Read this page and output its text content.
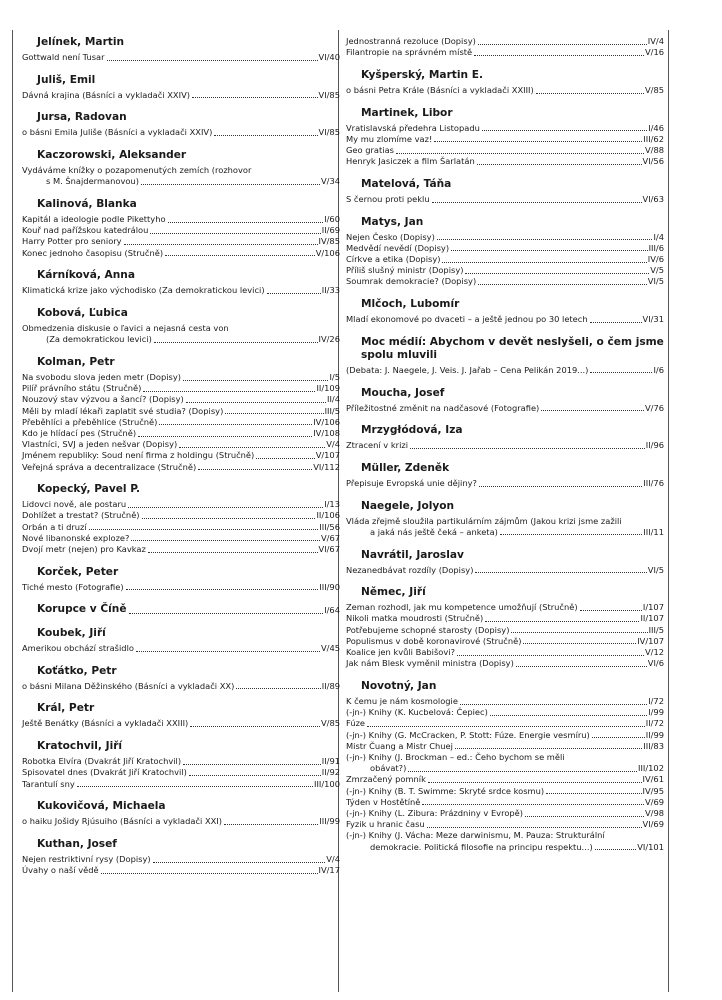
Jelínek, Martin
Gottwald není Tusar	VI/40
Juliš, Emil
Dávná krajina (Básníci a vykladači XXIV)	VI/85
Jursa, Radovan
o básni Emila Juliše (Básníci a vykladači XXIV)	VI/85
Kaczorowski, Aleksander
Vydáváme knížky o pozapomenutých zemích (rozhovor
s M. Šnajdermanovou)	V/34
Kalinová, Blanka
Kapitál a ideologie podle Pikettyho	I/60
Kouř nad pařížskou katedrálou	II/69
Harry Potter pro seniory	IV/85
Konec jednoho časopisu (Stručně)	V/106
Kárníková, Anna
Klimatická krize jako východisko (Za demokratickou levici)	II/33
Kobová, Ľubica
Obmedzenia diskusie o ľavici a nejasná cesta von
(Za demokratickou levici)	IV/26
Kolman, Petr
Na svobodu slova jeden metr (Dopisy)	I/5
Pilíř právního státu (Stručně)	II/109
Nouzový stav výzvou a šancí? (Dopisy)	II/4
Měli by mladí lékaři zaplatit své studia? (Dopisy)	III/5
Přeběhlíci a přeběhlice (Stručně)	IV/106
Kdo je hlídací pes (Stručně)	IV/108
Vlastníci, SVJ a jeden nešvar (Dopisy)	V/4
Jménem republiky: Soud není firma z holdingu (Stručně)	V/107
Veřejná správa a decentralizace (Stručně)	VI/112
Kopecký, Pavel P.
Lidovci nově, ale postaru	I/13
Dohlížet a trestat? (Stručně)	II/106
Orbán a ti druzí	III/56
Nové libanonské exploze?	V/67
Dvojí metr (nejen) pro Kavkaz	VI/67
Korček, Peter
Tiché mesto (Fotografie)	III/90
Korupce v Číně	I/64
Koubek, Jiří
Amerikou obchází strašidlo	V/45
Koťátko, Petr
o básni Milana Děžinského (Básníci a vykladači XX)	II/89
Král, Petr
Ještě Benátky (Básníci a vykladači XXIII)	V/85
Kratochvil, Jiří
Robotka Elvíra (Dvakrát Jiří Kratochvil)	II/91
Spisovatel dnes (Dvakrát Jiří Kratochvil)	II/92
Tarantulí sny	III/100
Kukovičová, Michaela
o haiku Jošidy Rjúsuiho (Básníci a vykladači XXI)	III/99
Kuthan, Josef
Nejen restriktivní rysy (Dopisy)	V/4
Úvahy o naší vědě	IV/17
Jednostranná rezoluce (Dopisy)	IV/4
Filantropie na správném místě	V/16
Kyšperský, Martin E.
o básni Petra Krále (Básníci a vykladači XXIII)	V/85
Martinek, Libor
Vratislavská předehra Listopadu	I/46
My mu zlomíme vaz!	III/62
Geo gratias	V/88
Henryk Jasiczek a film Šarlatán	VI/56
Matelová, Táňa
S černou proti peklu	VI/63
Matys, Jan
Nejen Česko (Dopisy)	I/4
Medvědí nevědí (Dopisy)	III/6
Církve a etika (Dopisy)	IV/6
Příliš slušný ministr (Dopisy)	V/5
Soumrak demokracie? (Dopisy)	VI/5
Mlčoch, Lubomír
Mladí ekonomové po dvaceti – a ještě jednou po 30 letech	VI/31
Moc médií: Abychom v devět neslyšeli, o čem jsme spolu mluvili
(Debata: J. Naegele, J. Veis. J. Jařab – Cena Pelikán 2019...)	I/6
Moucha, Josef
Příležitostné změnit na nadčasové (Fotografie)	V/76
Mrzygłódová, Iza
Ztracení v krizi	II/96
Müller, Zdeněk
Přepisuje Evropská unie dějiny?	III/76
Naegele, Jolyon
Vláda zřejmě sloužila partikulárním zájmům (Jakou krizi jsme zažili
a jaká nás ještě čeká – anketa)	III/11
Navrátil, Jaroslav
Nezanedbávat rozdíly (Dopisy)	VI/5
Němec, Jiří
Zeman rozhodl, jak mu kompetence umožňují (Stručně)	I/107
Nikoli matka moudrosti (Stručně)	II/107
Potřebujeme schopné starosty (Dopisy)	III/5
Populismus v době koronavirové (Stručně)	IV/107
Koalice jen kvůli Babišovi?	V/12
Jak nám Blesk vyměnil ministra (Dopisy)	VI/6
Novotný, Jan
K čemu je nám kosmologie	I/72
(-jn-) Knihy (K. Kucbelová: Čepiec)	I/99
Fúze	II/72
(-jn-) Knihy (G. McCracken, P. Stott: Fúze. Energie vesmíru)	II/99
Mistr Čuang a Mistr Chuej	III/83
(-jn-) Knihy (J. Brockman – ed.: Čeho bychom se měli
obávat?)	III/102
Zmrzačený pomník	IV/61
(-jn-) Knihy (B. T. Swimme: Skryté srdce kosmu)	IV/95
Týden v Hostětíně	V/69
(-jn-) Knihy (L. Zibura: Prázdniny v Evropě)	V/98
Fyzik u hranic času	VI/69
(-jn-) Knihy (J. Vácha: Meze darwinismu, M. Pauza: Strukturální
demokracie. Politická filosofie na principu respektu...)	VI/101
